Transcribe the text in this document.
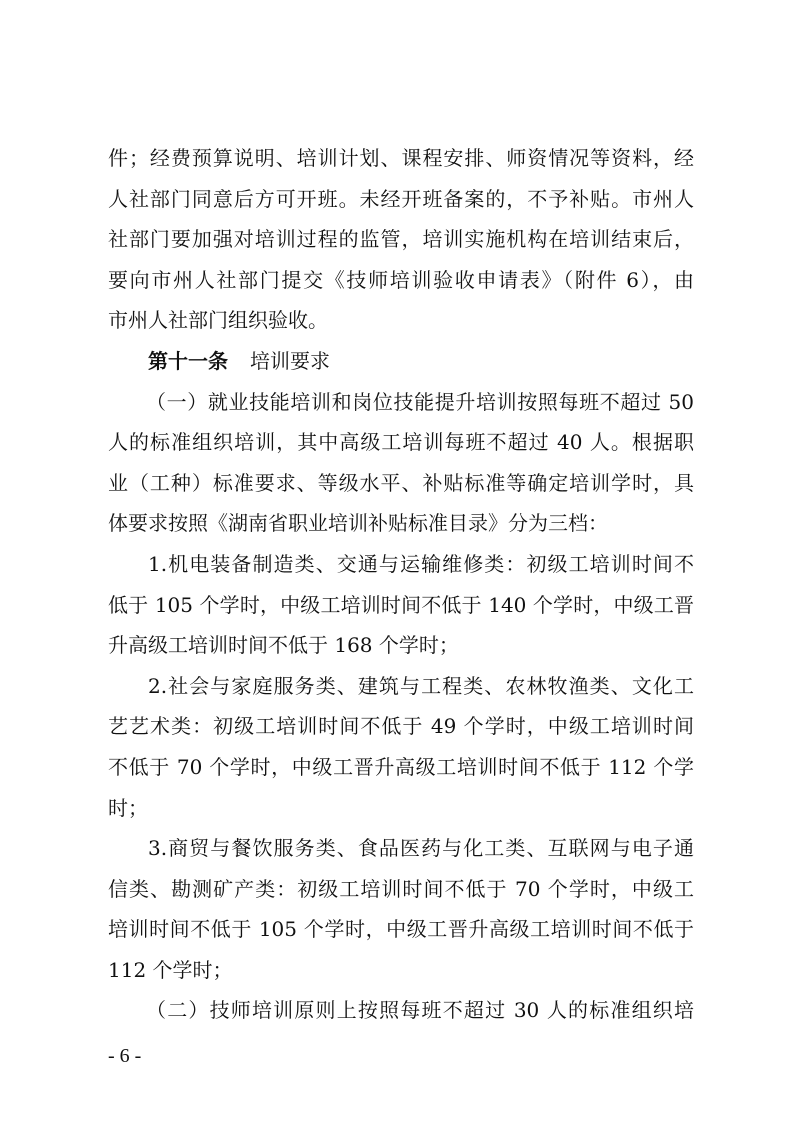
件；经费预算说明、培训计划、课程安排、师资情况等资料，经
人社部门同意后方可开班。未经开班备案的，不予补贴。市州人
社部门要加强对培训过程的监管，培训实施机构在培训结束后，
要向市州人社部门提交《技师培训验收申请表》（附件 6），由
市州人社部门组织验收。
第十一条 培训要求
（一）就业技能培训和岗位技能提升培训按照每班不超过 50
人的标准组织培训，其中高级工培训每班不超过 40 人。根据职
业（工种）标准要求、等级水平、补贴标准等确定培训学时，具
体要求按照《湖南省职业培训补贴标准目录》分为三档：
1.机电装备制造类、交通与运输维修类：初级工培训时间不
低于 105 个学时，中级工培训时间不低于 140 个学时，中级工晋
升高级工培训时间不低于 168 个学时；
2.社会与家庭服务类、建筑与工程类、农林牧渔类、文化工
艺艺术类：初级工培训时间不低于 49 个学时，中级工培训时间
不低于 70 个学时，中级工晋升高级工培训时间不低于 112 个学
时；
3.商贸与餐饮服务类、食品医药与化工类、互联网与电子通
信类、勘测矿产类：初级工培训时间不低于 70 个学时，中级工
培训时间不低于 105 个学时，中级工晋升高级工培训时间不低于
112 个学时；
（二）技师培训原则上按照每班不超过 30 人的标准组织培
- 6 -
